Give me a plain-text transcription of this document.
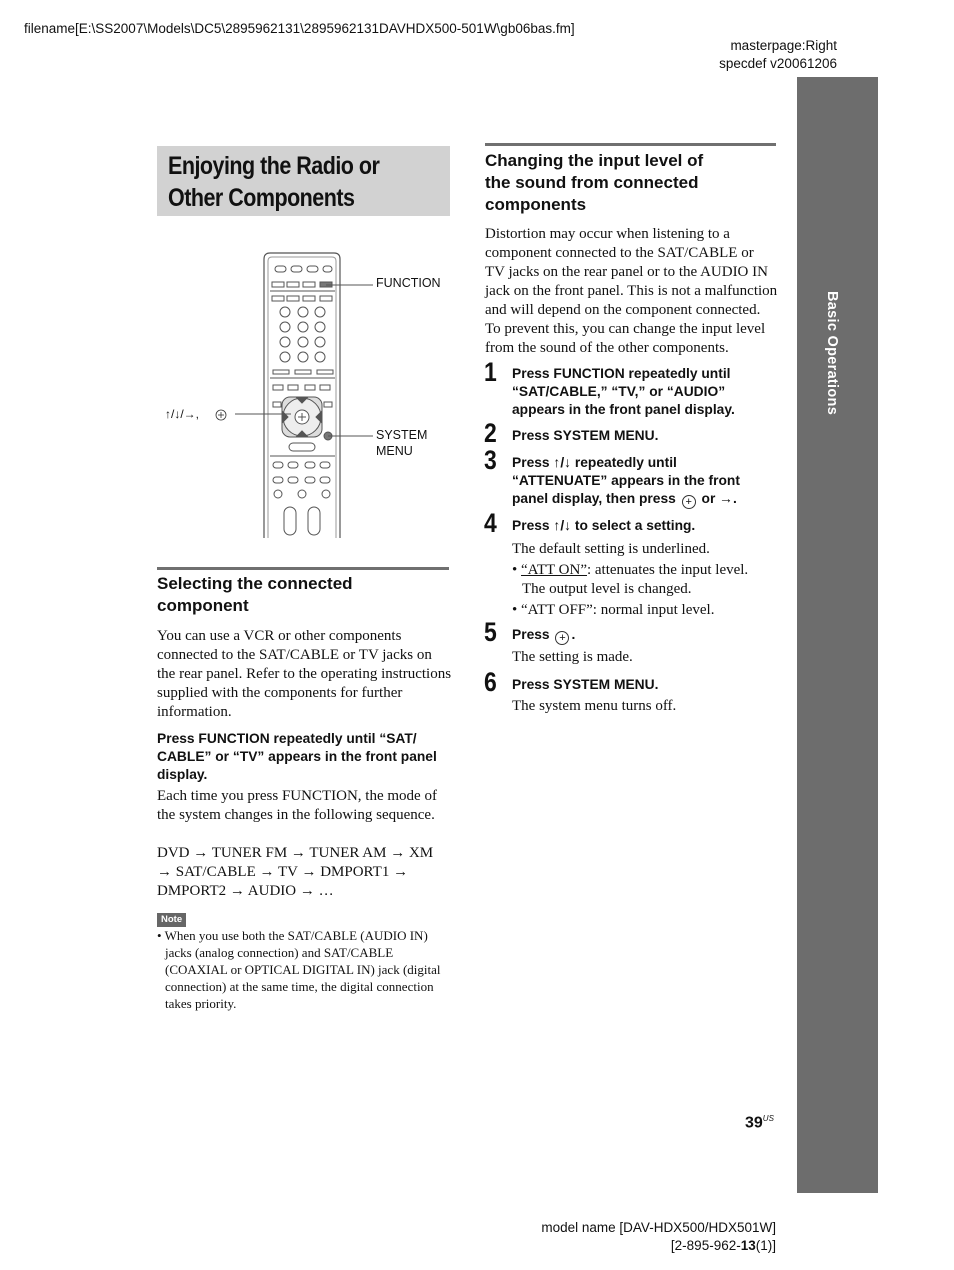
filename[E:\SS2007\Models\DC5\2895962131\2895962131DAVHDX500-501W\gb06bas.fm]
masterpage:Right
specdef v20061206
Basic Operations
Enjoying the Radio or
Other Components
FUNCTION
↑/↓/→,
SYSTEM
MENU
Selecting the connected
component
You can use a VCR or other components
connected to the SAT/CABLE or TV jacks on
the rear panel. Refer to the operating instructions
supplied with the components for further
information.
Press FUNCTION repeatedly until “SAT/
CABLE” or “TV” appears in the front panel
display.
Each time you press FUNCTION, the mode of
the system changes in the following sequence.
DVD → TUNER FM → TUNER AM → XM
→ SAT/CABLE → TV → DMPORT1 →
DMPORT2 → AUDIO → …
Note
• When you use both the SAT/CABLE (AUDIO IN)
jacks (analog connection) and SAT/CABLE
(COAXIAL or OPTICAL DIGITAL IN) jack (digital
connection) at the same time, the digital connection
takes priority.
Changing the input level of
the sound from connected
components
Distortion may occur when listening to a
component connected to the SAT/CABLE or
TV jacks on the rear panel or to the AUDIO IN
jack on the front panel. This is not a malfunction
and will depend on the component connected.
To prevent this, you can change the input level
from the sound of the other components.
1 Press FUNCTION repeatedly until
“SAT/CABLE,” “TV,” or “AUDIO”
appears in the front panel display.
2 Press SYSTEM MENU.
3 Press ↑/↓ repeatedly until
“ATTENUATE” appears in the front
panel display, then press + or →.
4 Press ↑/↓ to select a setting.
The default setting is underlined.
• “ATT ON”: attenuates the input level.
The output level is changed.
• “ATT OFF”: normal input level.
5 Press + .
The setting is made.
6 Press SYSTEM MENU.
The system menu turns off.
$39^{US}$
model name [DAV-HDX500/HDX501W]
[2-895-962-13(1)]
